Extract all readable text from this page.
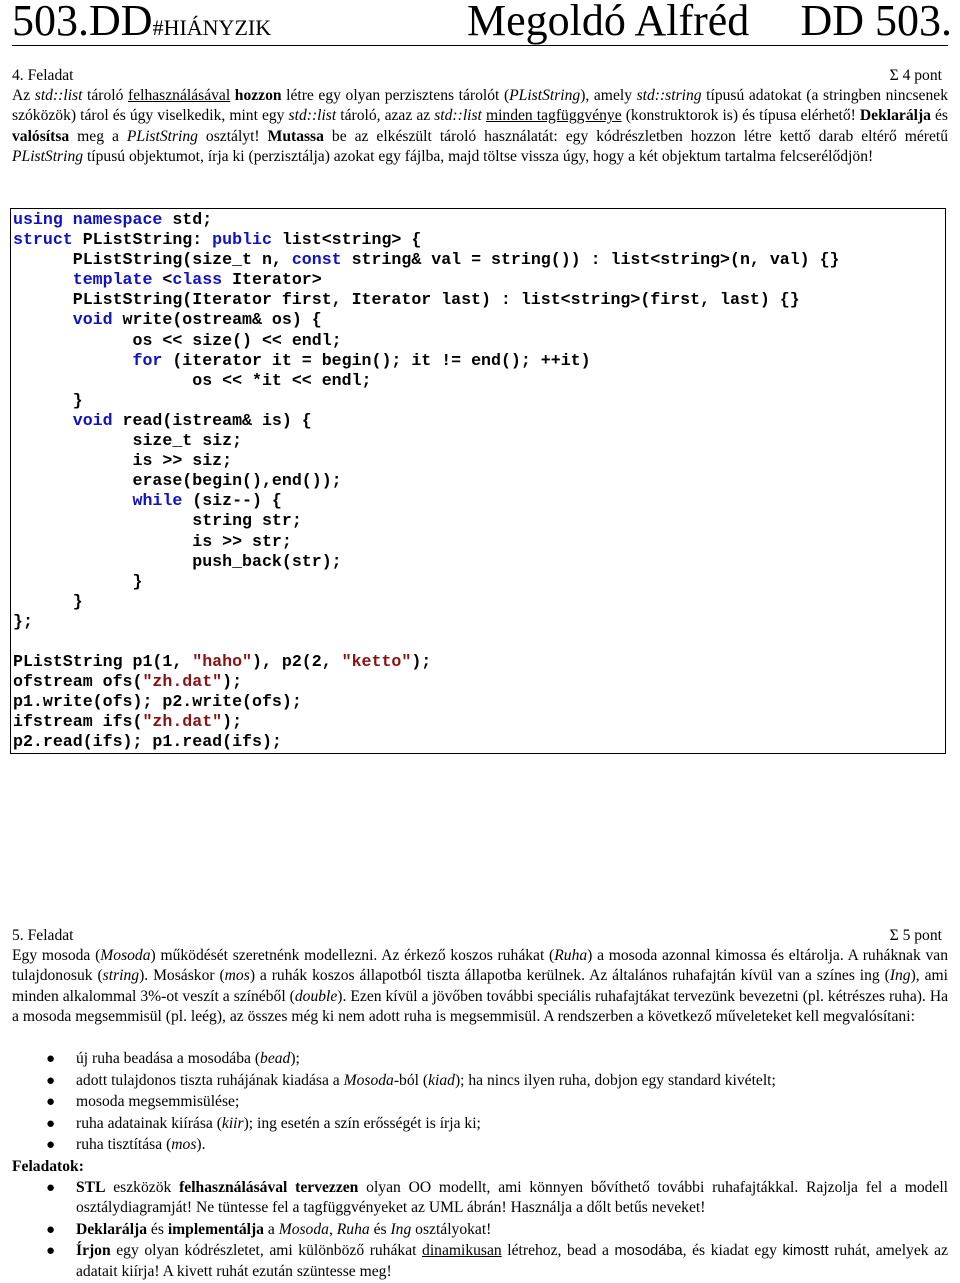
503.DD#HIÁNYZIK	Megoldó Alfréd DD 503.
4. Feladat	Σ 4 pont
Az std::list tároló felhasználásával hozzon létre egy olyan perzisztens tárolót (PListString), amely std::string típusú adatokat (a stringben nincsenek szóközök) tárol és úgy viselkedik, mint egy std::list tároló, azaz az std::list minden tagfüggvénye (konstruktorok is) és típusa elérhető! Deklarálja és valósítsa meg a PListString osztályt! Mutassa be az elkészült tároló használatát: egy kódrészletben hozzon létre kettő darab eltérő méretű PListString típusú objektumot, írja ki (perzisztálja) azokat egy fájlba, majd töltse vissza úgy, hogy a két objektum tartalma felcserélődjön!
using namespace std;
struct PListString: public list<string> {
PListString(size_t n, const string& val = string()) : list<string>(n, val) {}
template <class Iterator>
PListString(Iterator first, Iterator last) : list<string>(first, last) {}
void write(ostream& os) {
os << size() << endl;
for (iterator it = begin(); it != end(); ++it)
os << *it << endl;
}
void read(istream& is) {
size_t siz;
is >> siz;
erase(begin(),end());
while (siz--) {
string str;
is >> str;
push_back(str);
}
}
};

PListString p1(1, "haho"), p2(2, "ketto");
ofstream ofs("zh.dat");
p1.write(ofs); p2.write(ofs);
ifstream ifs("zh.dat");
p2.read(ifs); p1.read(ifs);
5. Feladat	Σ 5 pont
Egy mosoda (Mosoda) működését szeretnénk modellezni. Az érkező koszos ruhákat (Ruha) a mosoda azonnal kimossa és eltárolja. A ruháknak van tulajdonosuk (string). Mosáskor (mos) a ruhák koszos állapotból tiszta állapotba kerülnek. Az általános ruhafajtán kívül van a színes ing (Ing), ami minden alkalommal 3%-ot veszít a színéből (double). Ezen kívül a jövőben további speciális ruhafajtákat tervezünk bevezetni (pl. kétrészes ruha). Ha a mosoda megsemmisül (pl. leég), az összes még ki nem adott ruha is megsemmisül. A rendszerben a következő műveleteket kell megvalósítani:
● új ruha beadása a mosodába (bead);
● adott tulajdonos tiszta ruhájának kiadása a Mosoda-ból (kiad); ha nincs ilyen ruha, dobjon egy standard kivételt;
● mosoda megsemmisülése;
● ruha adatainak kiírása (kiir); ing esetén a szín erősségét is írja ki;
● ruha tisztítása (mos).
Feladatok:
● STL eszközök felhasználásával tervezzen olyan OO modellt, ami könnyen bővíthető további ruhafajtákkal. Rajzolja fel a modell osztálydiagramját! Ne tüntesse fel a tagfüggvényeket az UML ábrán! Használja a dőlt betűs neveket!
● Deklarálja és implementálja a Mosoda, Ruha és Ing osztályokat!
● Írjon egy olyan kódrészletet, ami különböző ruhákat dinamikusan létrehoz, bead a mosodába, és kiadat egy kimostt ruhát, amelyek az adatait kiírja! A kivett ruhát ezután szüntesse meg!
